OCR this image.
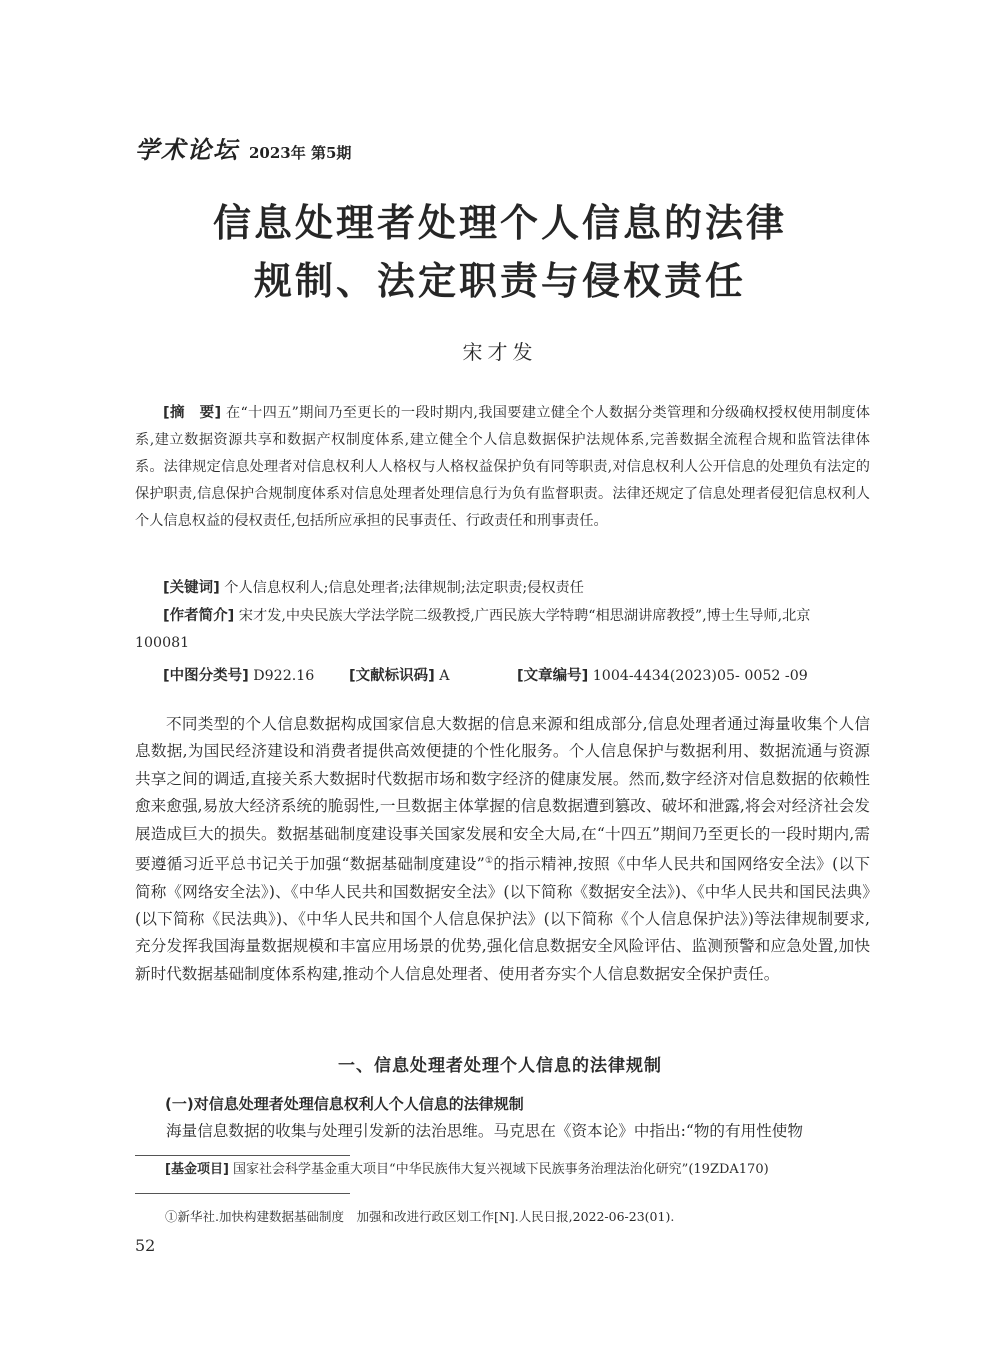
学术论坛 2023年 第5期
信息处理者处理个人信息的法律
规制、法定职责与侵权责任
宋才发
[摘　要] 在“十四五”期间乃至更长的一段时期内,我国要建立健全个人数据分类管理和分级确权授权使用制度体系,建立数据资源共享和数据产权制度体系,建立健全个人信息数据保护法规体系,完善数据全流程合规和监管法律体系。法律规定信息处理者对信息权利人人格权与人格权益保护负有同等职责,对信息权利人公开信息的处理负有法定的保护职责,信息保护合规制度体系对信息处理者处理信息行为负有监督职责。法律还规定了信息处理者侵犯信息权利人个人信息权益的侵权责任,包括所应承担的民事责任、行政责任和刑事责任。
[关键词] 个人信息权利人;信息处理者;法律规制;法定职责;侵权责任
[作者简介] 宋才发,中央民族大学法学院二级教授,广西民族大学特聘“相思湖讲席教授”,博士生导师,北京　100081
[中图分类号] D922.16 [文献标识码] A	[文章编号] 1004-4434(2023)05- 0052 -09
不同类型的个人信息数据构成国家信息大数据的信息来源和组成部分,信息处理者通过海量收集个人信息数据,为国民经济建设和消费者提供高效便捷的个性化服务。个人信息保护与数据利用、数据流通与资源共享之间的调适,直接关系大数据时代数据市场和数字经济的健康发展。然而,数字经济对信息数据的依赖性愈来愈强,易放大经济系统的脆弱性,一旦数据主体掌握的信息数据遭到篡改、破坏和泄露,将会对经济社会发展造成巨大的损失。数据基础制度建设事关国家发展和安全大局,在“十四五”期间乃至更长的一段时期内,需要遵循习近平总书记关于加强“数据基础制度建设”①的指示精神,按照《中华人民共和国网络安全法》(以下简称《网络安全法》)、《中华人民共和国数据安全法》(以下简称《数据安全法》)、《中华人民共和国民法典》(以下简称《民法典》)、《中华人民共和国个人信息保护法》(以下简称《个人信息保护法》)等法律规制要求,充分发挥我国海量数据规模和丰富应用场景的优势,强化信息数据安全风险评估、监测预警和应急处置,加快新时代数据基础制度体系构建,推动个人信息处理者、使用者夯实个人信息数据安全保护责任。
一、信息处理者处理个人信息的法律规制
(一)对信息处理者处理信息权利人个人信息的法律规制
海量信息数据的收集与处理引发新的法治思维。马克思在《资本论》中指出:“物的有用性使物
[基金项目] 国家社会科学基金重大项目“中华民族伟大复兴视域下民族事务治理法治化研究”(19ZDA170)
①新华社.加快构建数据基础制度　加强和改进行政区划工作[N].人民日报,2022-06-23(01).
52
